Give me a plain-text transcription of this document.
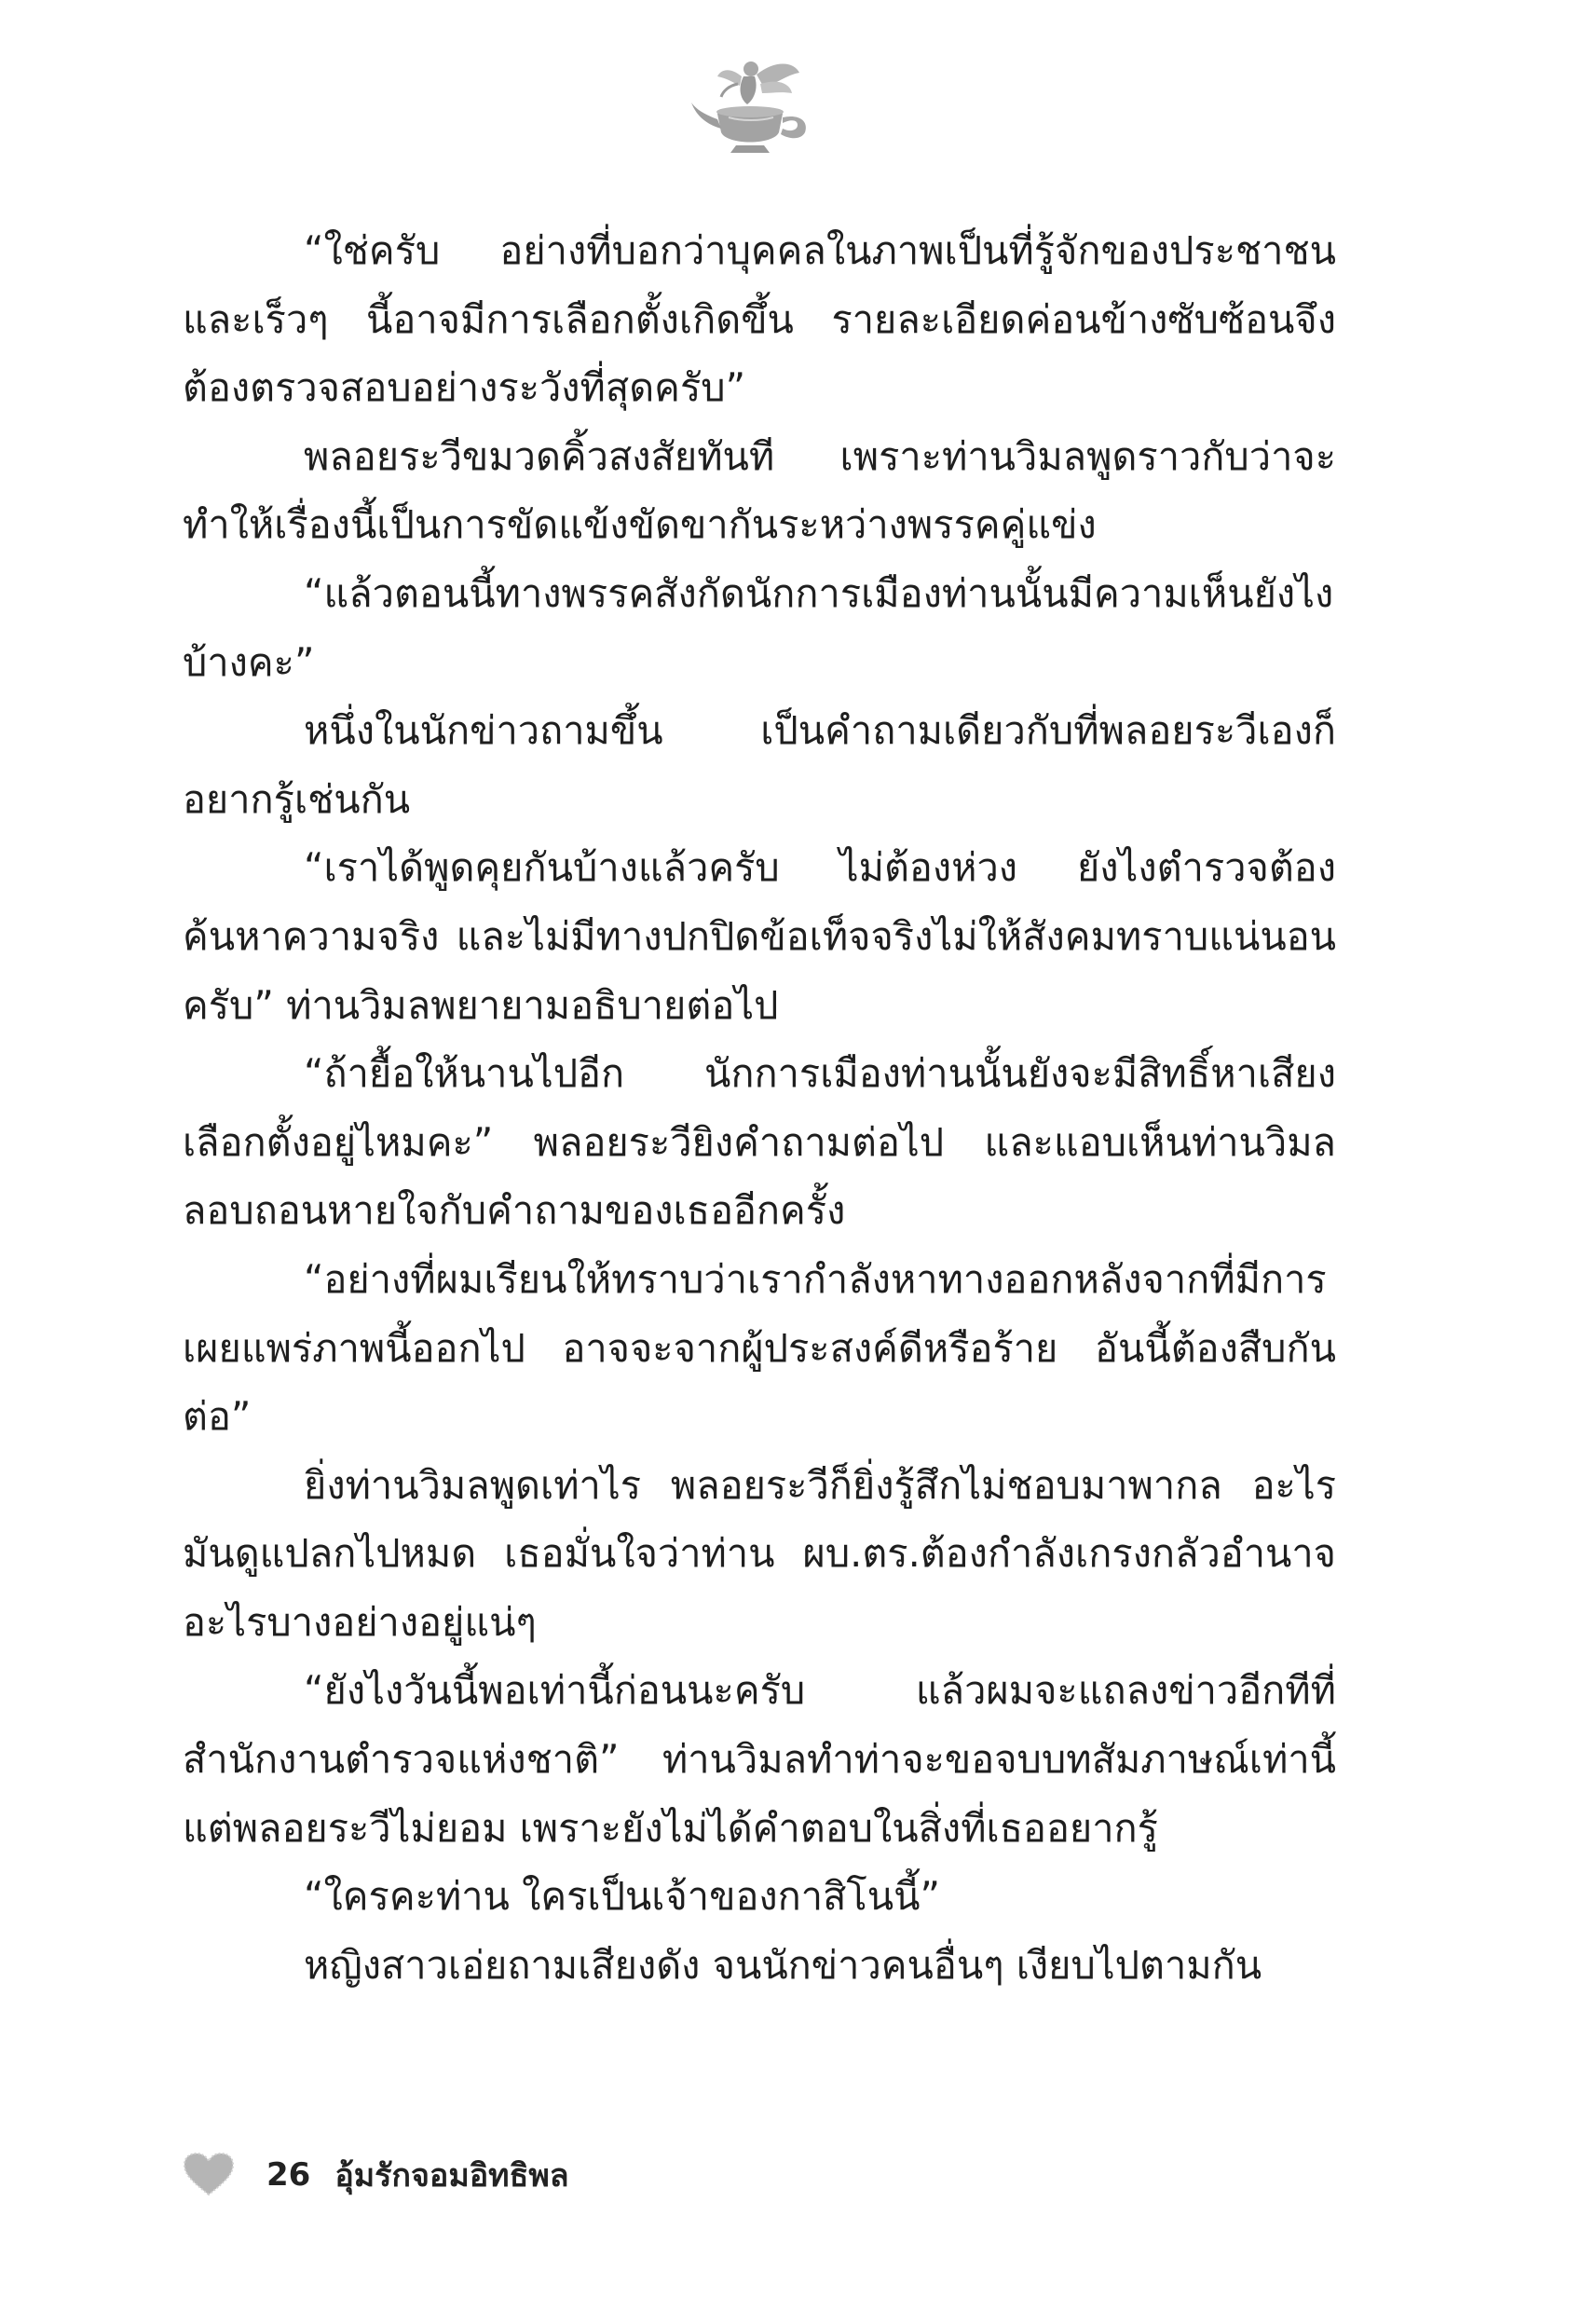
“ใช่ครับ อย่างที่บอกว่าบุคคลในภาพเป็นที่รู้จักของประชาชนและเร็วๆ นี้อาจมีการเลือกตั้งเกิดขึ้น รายละเอียดค่อนข้างซับซ้อนจึงต้องตรวจสอบอย่างระวังที่สุดครับ”

พลอยระวีขมวดคิ้วสงสัยทันที เพราะท่านวิมลพูดราวกับว่าจะทำให้เรื่องนี้เป็นการขัดแข้งขัดขากันระหว่างพรรคคู่แข่ง

“แล้วตอนนี้ทางพรรคสังกัดนักการเมืองท่านนั้นมีความเห็นยังไงบ้างคะ”

หนึ่งในนักข่าวถามขึ้น เป็นคำถามเดียวกับที่พลอยระวีเองก็อยากรู้เช่นกัน

“เราได้พูดคุยกันบ้างแล้วครับ ไม่ต้องห่วง ยังไงตำรวจต้องค้นหาความจริง และไม่มีทางปกปิดข้อเท็จจริงไม่ให้สังคมทราบแน่นอนครับ” ท่านวิมลพยายามอธิบายต่อไป

“ถ้ายื้อให้นานไปอีก นักการเมืองท่านนั้นยังจะมีสิทธิ์หาเสียงเลือกตั้งอยู่ไหมคะ” พลอยระวียิงคำถามต่อไป และแอบเห็นท่านวิมลลอบถอนหายใจกับคำถามของเธออีกครั้ง

“อย่างที่ผมเรียนให้ทราบว่าเรากำลังหาทางออกหลังจากที่มีการเผยแพร่ภาพนี้ออกไป อาจจะจากผู้ประสงค์ดีหรือร้าย อันนี้ต้องสืบกันต่อ”

ยิ่งท่านวิมลพูดเท่าไร พลอยระวีก็ยิ่งรู้สึกไม่ชอบมาพากล อะไรมันดูแปลกไปหมด เธอมั่นใจว่าท่าน ผบ.ตร.ต้องกำลังเกรงกลัวอำนาจอะไรบางอย่างอยู่แน่ๆ

“ยังไงวันนี้พอเท่านี้ก่อนนะครับ แล้วผมจะแถลงข่าวอีกทีที่สำนักงานตำรวจแห่งชาติ” ท่านวิมลทำท่าจะขอจบบทสัมภาษณ์เท่านี้ แต่พลอยระวีไม่ยอม เพราะยังไม่ได้คำตอบในสิ่งที่เธออยากรู้

“ใครคะท่าน ใครเป็นเจ้าของกาสิโนนี้”

หญิงสาวเอ่ยถามเสียงดัง จนนักข่าวคนอื่นๆ เงียบไปตามกัน

26 อุ้มรักจอมอิทธิพล
